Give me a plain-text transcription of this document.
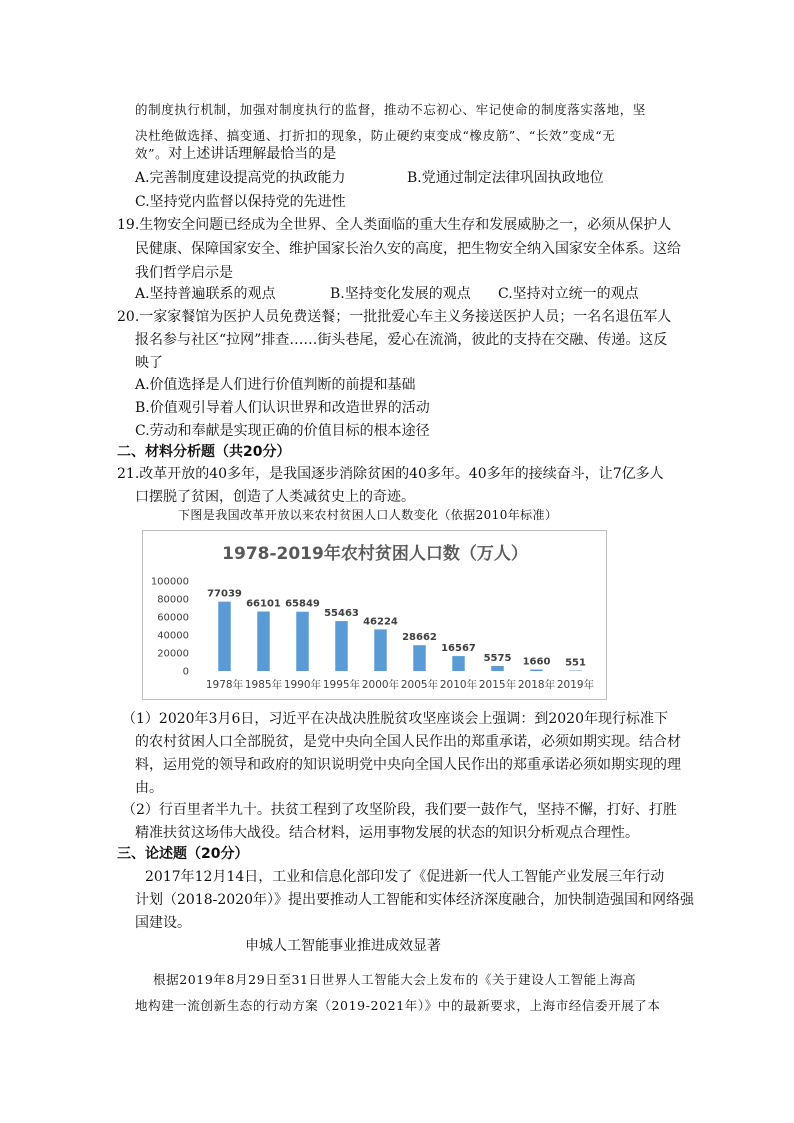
的制度执行机制，加强对制度执行的监督，推动不忘初心、牢记使命的制度落实落地，坚
决杜绝做选择、搞变通、打折扣的现象，防止硬约束变成“橡皮筋”、“长效”变成“无
效”。对上述讲话理解最恰当的是
A.完善制度建设提高党的执政能力	B.党通过制定法律巩固执政地位
C.坚持党内监督以保持党的先进性
19.生物安全问题已经成为全世界、全人类面临的重大生存和发展威胁之一，必须从保护人
民健康、保障国家安全、维护国家长治久安的高度，把生物安全纳入国家安全体系。这给
我们哲学启示是
A.坚持普遍联系的观点	B.坚持变化发展的观点 C.坚持对立统一的观点
20.一家家餐馆为医护人员免费送餐；一批批爱心车主义务接送医护人员；一名名退伍军人
报名参与社区“拉网”排查……街头巷尾，爱心在流淌，彼此的支持在交融、传递。这反
映了
A.价值选择是人们进行价值判断的前提和基础
B.价值观引导着人们认识世界和改造世界的活动
C.劳动和奉献是实现正确的价值目标的根本途径
二、材料分析题（共20分）
21.改革开放的40多年，是我国逐步消除贫困的40多年。40多年的接续奋斗，让7亿多人
口摆脱了贫困，创造了人类减贫史上的奇迹。
下图是我国改革开放以来农村贫困人口人数变化（依据2010年标准）
1978-2019年农村贫困人口数（万人）
0
20000
40000
60000
80000
100000
77039
66101 65849
55463
46224
28662
16567
5575 1660 551
1978年 1985年 1990年 1995年 2000年 2005年 2010年 2015年 2018年 2019年
（1）2020年3月6日，习近平在决战决胜脱贫攻坚座谈会上强调：到2020年现行标准下
的农村贫困人口全部脱贫，是党中央向全国人民作出的郑重承诺，必须如期实现。结合材
料，运用党的领导和政府的知识说明党中央向全国人民作出的郑重承诺必须如期实现的理
由。
（2）行百里者半九十。扶贫工程到了攻坚阶段，我们要一鼓作气，坚持不懈，打好、打胜
精准扶贫这场伟大战役。结合材料，运用事物发展的状态的知识分析观点合理性。
三、论述题（20分）
2017年12月14日，工业和信息化部印发了《促进新一代人工智能产业发展三年行动
计划（2018-2020年）》提出要推动人工智能和实体经济深度融合，加快制造强国和网络强
国建设。
申城人工智能事业推进成效显著
根据2019年8月29日至31日世界人工智能大会上发布的《关于建设人工智能上海高
地构建一流创新生态的行动方案（2019-2021年）》中的最新要求，上海市经信委开展了本
